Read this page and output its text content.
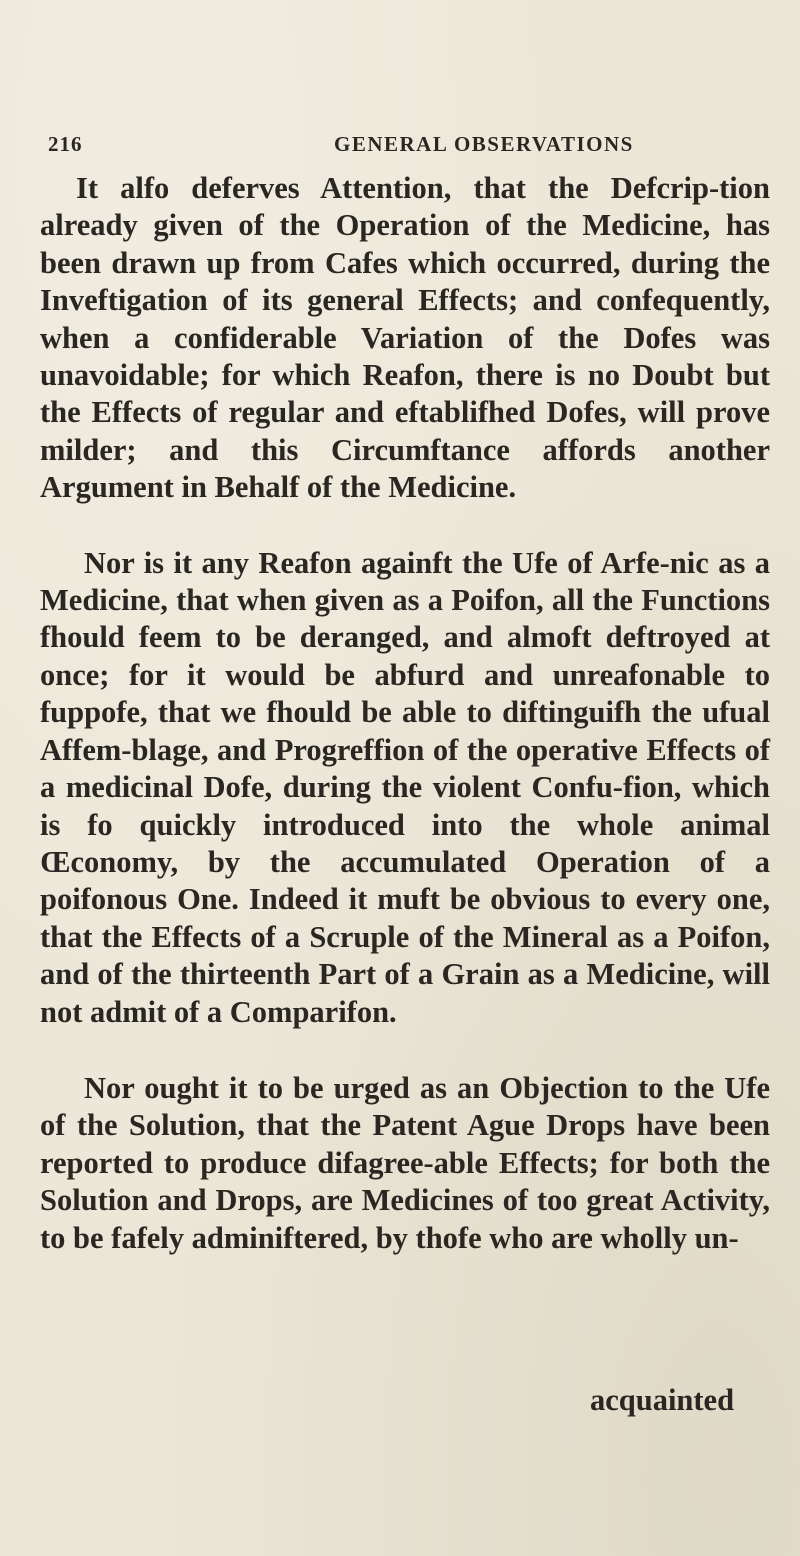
216	GENERAL OBSERVATIONS

It alfo deferves Attention, that the Defcrip-tion already given of the Operation of the Medicine, has been drawn up from Cafes which occurred, during the Inveftigation of its general Effects; and confequently, when a confiderable Variation of the Dofes was unavoidable; for which Reafon, there is no Doubt but the Effects of regular and eftablifhed Dofes, will prove milder; and this Circumftance affords another Argument in Behalf of the Medicine.

Nor is it any Reafon againft the Ufe of Arfe-nic as a Medicine, that when given as a Poifon, all the Functions fhould feem to be deranged, and almoft deftroyed at once; for it would be abfurd and unreafonable to fuppofe, that we fhould be able to diftinguifh the ufual Affem-blage, and Progreffion of the operative Effects of a medicinal Dofe, during the violent Confu-fion, which is fo quickly introduced into the whole animal Œconomy, by the accumulated Operation of a poifonous One. Indeed it muft be obvious to every one, that the Effects of a Scruple of the Mineral as a Poifon, and of the thirteenth Part of a Grain as a Medicine, will not admit of a Comparifon.

Nor ought it to be urged as an Objection to the Ufe of the Solution, that the Patent Ague Drops have been reported to produce difagree-able Effects; for both the Solution and Drops, are Medicines of too great Activity, to be fafely adminiftered, by thofe who are wholly un-

acquainted
